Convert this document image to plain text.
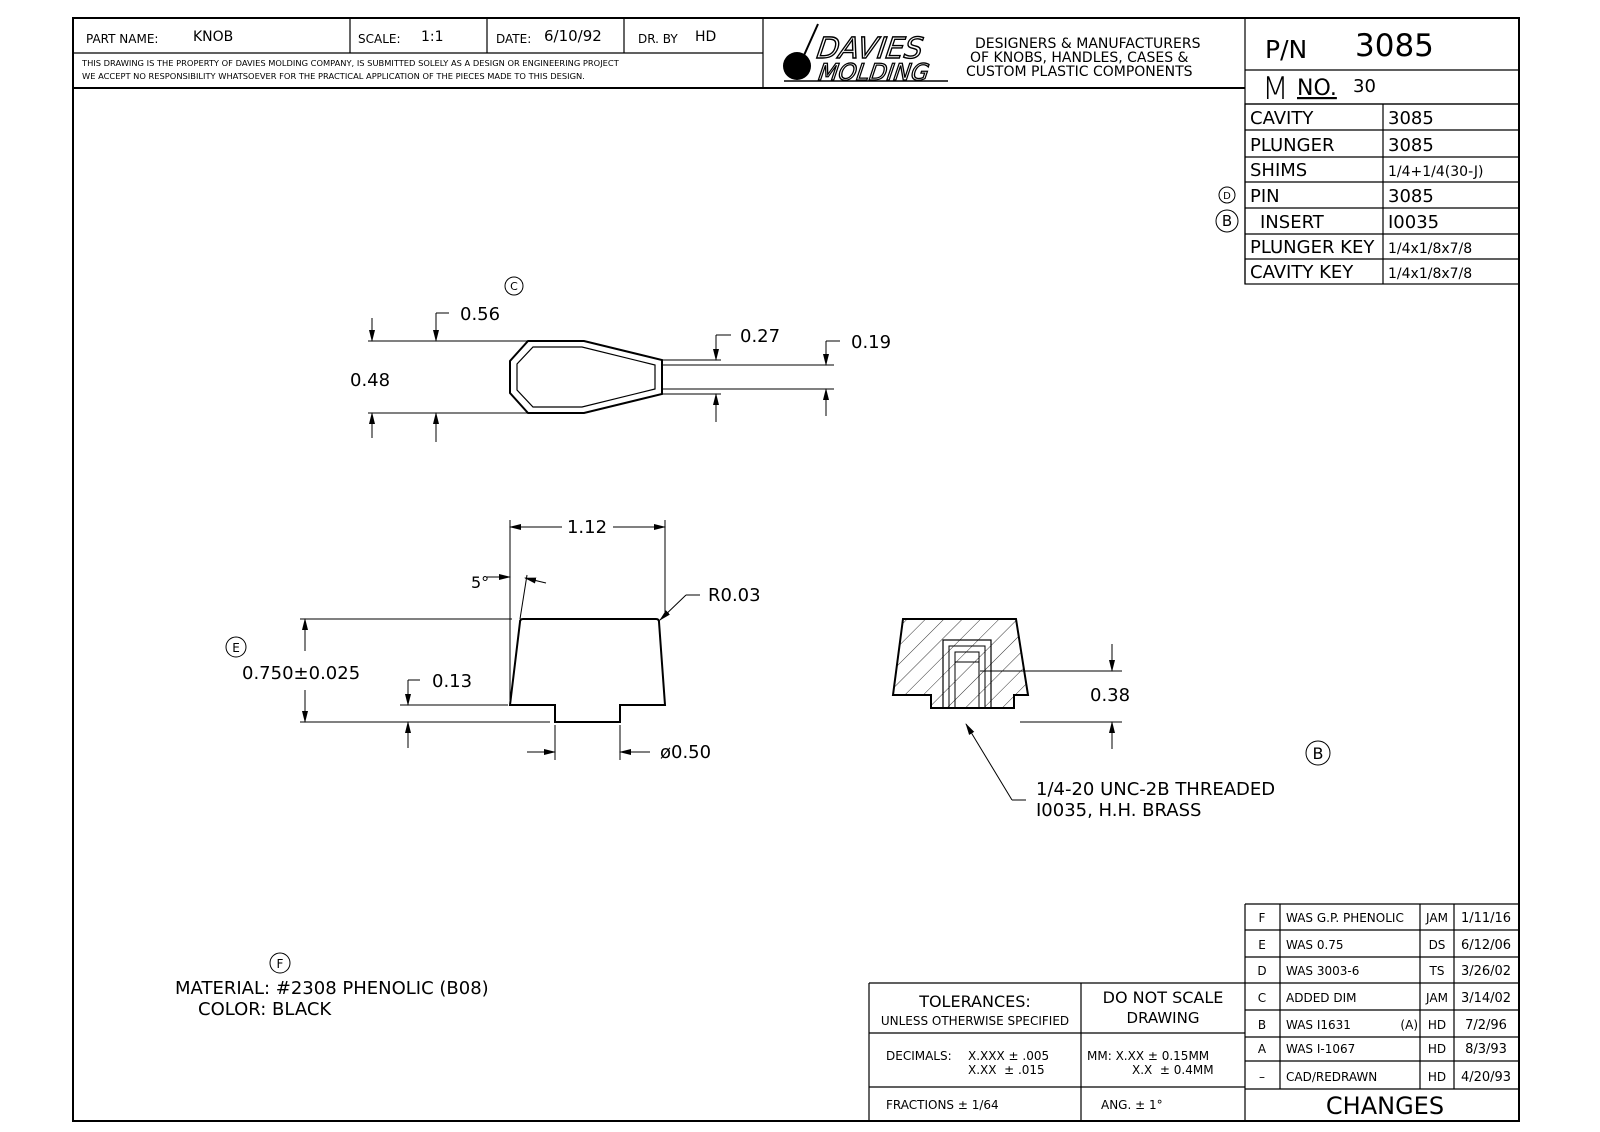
PART NAME: KNOB	SCALE: 1:1	DATE: 6/10/92	DR. BY HD
THIS DRAWING IS THE PROPERTY OF DAVIES MOLDING COMPANY, IS SUBMITTED SOLELY AS A DESIGN OR ENGINEERING PROJECT
WE ACCEPT NO RESPONSIBILITY WHATSOEVER FOR THE PRACTICAL APPLICATION OF THE PIECES MADE TO THIS DESIGN.
DAVIES
MOLDING
DESIGNERS & MANUFACTURERS
OF KNOBS, HANDLES, CASES &
CUSTOM PLASTIC COMPONENTS
P/N 3085
M NO. 30
CAVITY	3085
PLUNGER	3085
SHIMS	1/4+1/4(30-J)
PIN	3085
D
INSERT	I0035
B
PLUNGER KEY 1/4x1/8x7/8
CAVITY KEY 1/4x1/8x7/8
C
0.48
0.56
0.27	0.19
1.12
5°
R0.03
E
0.750±0.025	0.13
ø0.50
0.38
1/4-20 UNC-2B THREADED
I0035, H.H. BRASS
B
F
MATERIAL: #2308 PHENOLIC (B08)
COLOR: BLACK	TOLERANCES:
UNLESS OTHERWISE SPECIFIED
DO NOT SCALE
DRAWING
DECIMALS: X.XXX ± .005
X.XX  ± .015
MM: X.XX ± 0.15MM
X.X  ± 0.4MM
FRACTIONS ± 1/64	ANG. ± 1°
F WAS G.P. PHENOLIC JAM 1/11/16
E WAS 0.75	DS 6/12/06
D WAS 3003-6	TS 3/26/02
C ADDED DIM	JAM 3/14/02
B WAS I1631	(A) HD 7/2/96
A WAS I-1067	HD 8/3/93
– CAD/REDRAWN	HD 4/20/93
CHANGES
